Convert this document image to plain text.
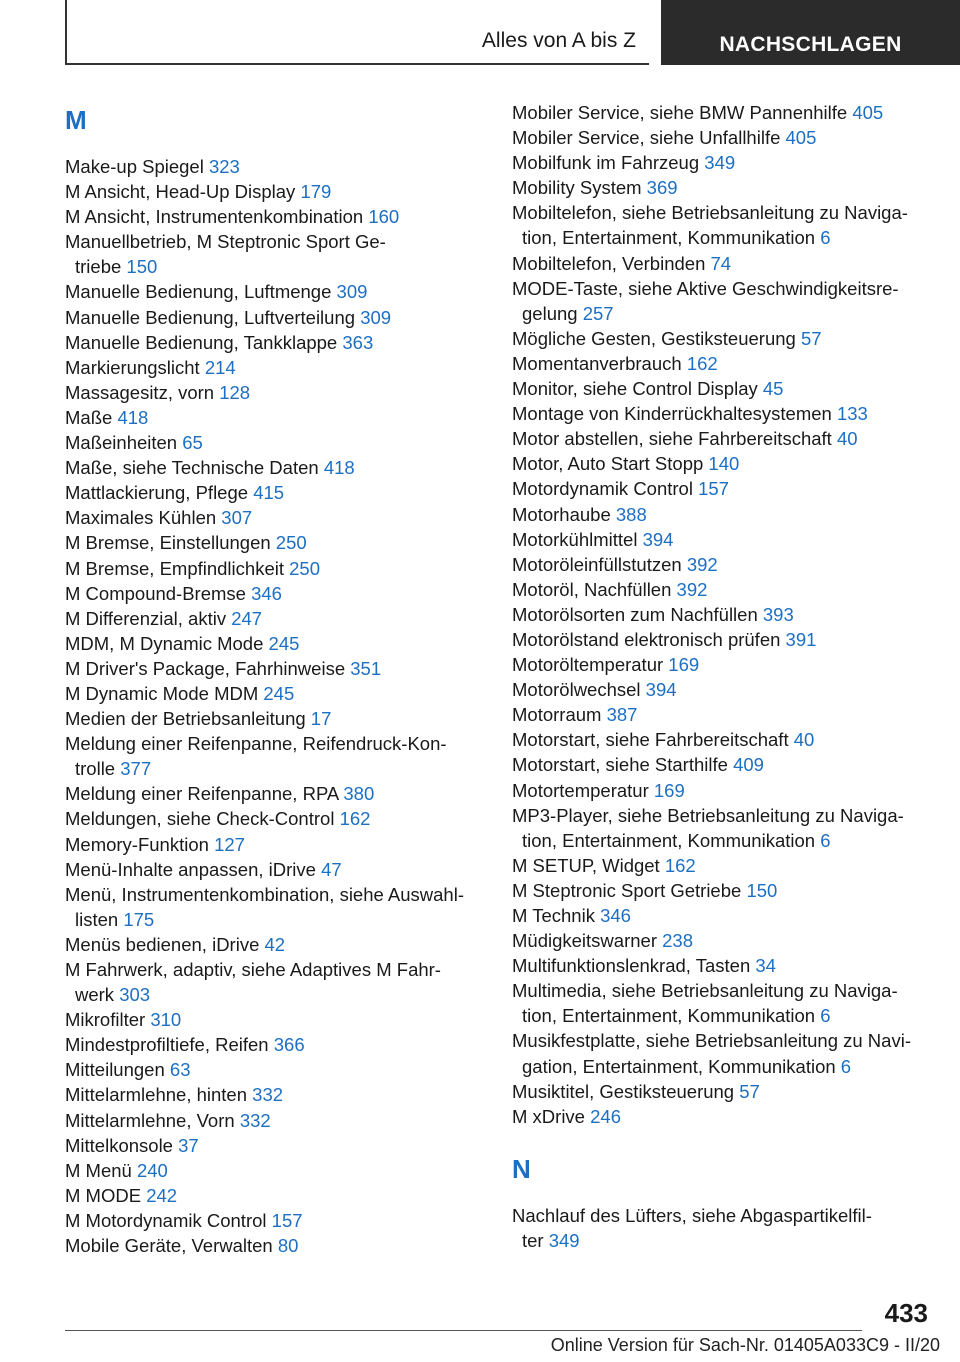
Alles von A bis Z	NACHSCHLAGEN
M
Make-up Spiegel 323
M Ansicht, Head-Up Display 179
M Ansicht, Instrumentenkombination 160
Manuellbetrieb, M Steptronic Sport Ge-
triebe 150
Manuelle Bedienung, Luftmenge 309
Manuelle Bedienung, Luftverteilung 309
Manuelle Bedienung, Tankklappe 363
Markierungslicht 214
Massagesitz, vorn 128
Maße 418
Maßeinheiten 65
Maße, siehe Technische Daten 418
Mattlackierung, Pflege 415
Maximales Kühlen 307
M Bremse, Einstellungen 250
M Bremse, Empfindlichkeit 250
M Compound-Bremse 346
M Differenzial, aktiv 247
MDM, M Dynamic Mode 245
M Driver's Package, Fahrhinweise 351
M Dynamic Mode MDM 245
Medien der Betriebsanleitung 17
Meldung einer Reifenpanne, Reifendruck-Kon-
trolle 377
Meldung einer Reifenpanne, RPA 380
Meldungen, siehe Check-Control 162
Memory-Funktion 127
Menü-Inhalte anpassen, iDrive 47
Menü, Instrumentenkombination, siehe Auswahl-
listen 175
Menüs bedienen, iDrive 42
M Fahrwerk, adaptiv, siehe Adaptives M Fahr-
werk 303
Mikrofilter 310
Mindestprofiltiefe, Reifen 366
Mitteilungen 63
Mittelarmlehne, hinten 332
Mittelarmlehne, Vorn 332
Mittelkonsole 37
M Menü 240
M MODE 242
M Motordynamik Control 157
Mobile Geräte, Verwalten 80
Mobiler Service, siehe BMW Pannenhilfe 405
Mobiler Service, siehe Unfallhilfe 405
Mobilfunk im Fahrzeug 349
Mobility System 369
Mobiltelefon, siehe Betriebsanleitung zu Naviga-
tion, Entertainment, Kommunikation 6
Mobiltelefon, Verbinden 74
MODE-Taste, siehe Aktive Geschwindigkeitsre-
gelung 257
Mögliche Gesten, Gestiksteuerung 57
Momentanverbrauch 162
Monitor, siehe Control Display 45
Montage von Kinderrückhaltesystemen 133
Motor abstellen, siehe Fahrbereitschaft 40
Motor, Auto Start Stopp 140
Motordynamik Control 157
Motorhaube 388
Motorkühlmittel 394
Motoröleinfüllstutzen 392
Motoröl, Nachfüllen 392
Motorölsorten zum Nachfüllen 393
Motorölstand elektronisch prüfen 391
Motoröltemperatur 169
Motorölwechsel 394
Motorraum 387
Motorstart, siehe Fahrbereitschaft 40
Motorstart, siehe Starthilfe 409
Motortemperatur 169
MP3-Player, siehe Betriebsanleitung zu Naviga-
tion, Entertainment, Kommunikation 6
M SETUP, Widget 162
M Steptronic Sport Getriebe 150
M Technik 346
Müdigkeitswarner 238
Multifunktionslenkrad, Tasten 34
Multimedia, siehe Betriebsanleitung zu Naviga-
tion, Entertainment, Kommunikation 6
Musikfestplatte, siehe Betriebsanleitung zu Navi-
gation, Entertainment, Kommunikation 6
Musiktitel, Gestiksteuerung 57
M xDrive 246
N
Nachlauf des Lüfters, siehe Abgaspartikelfil-
ter 349
433
Online Version für Sach-Nr. 01405A033C9 - II/20
